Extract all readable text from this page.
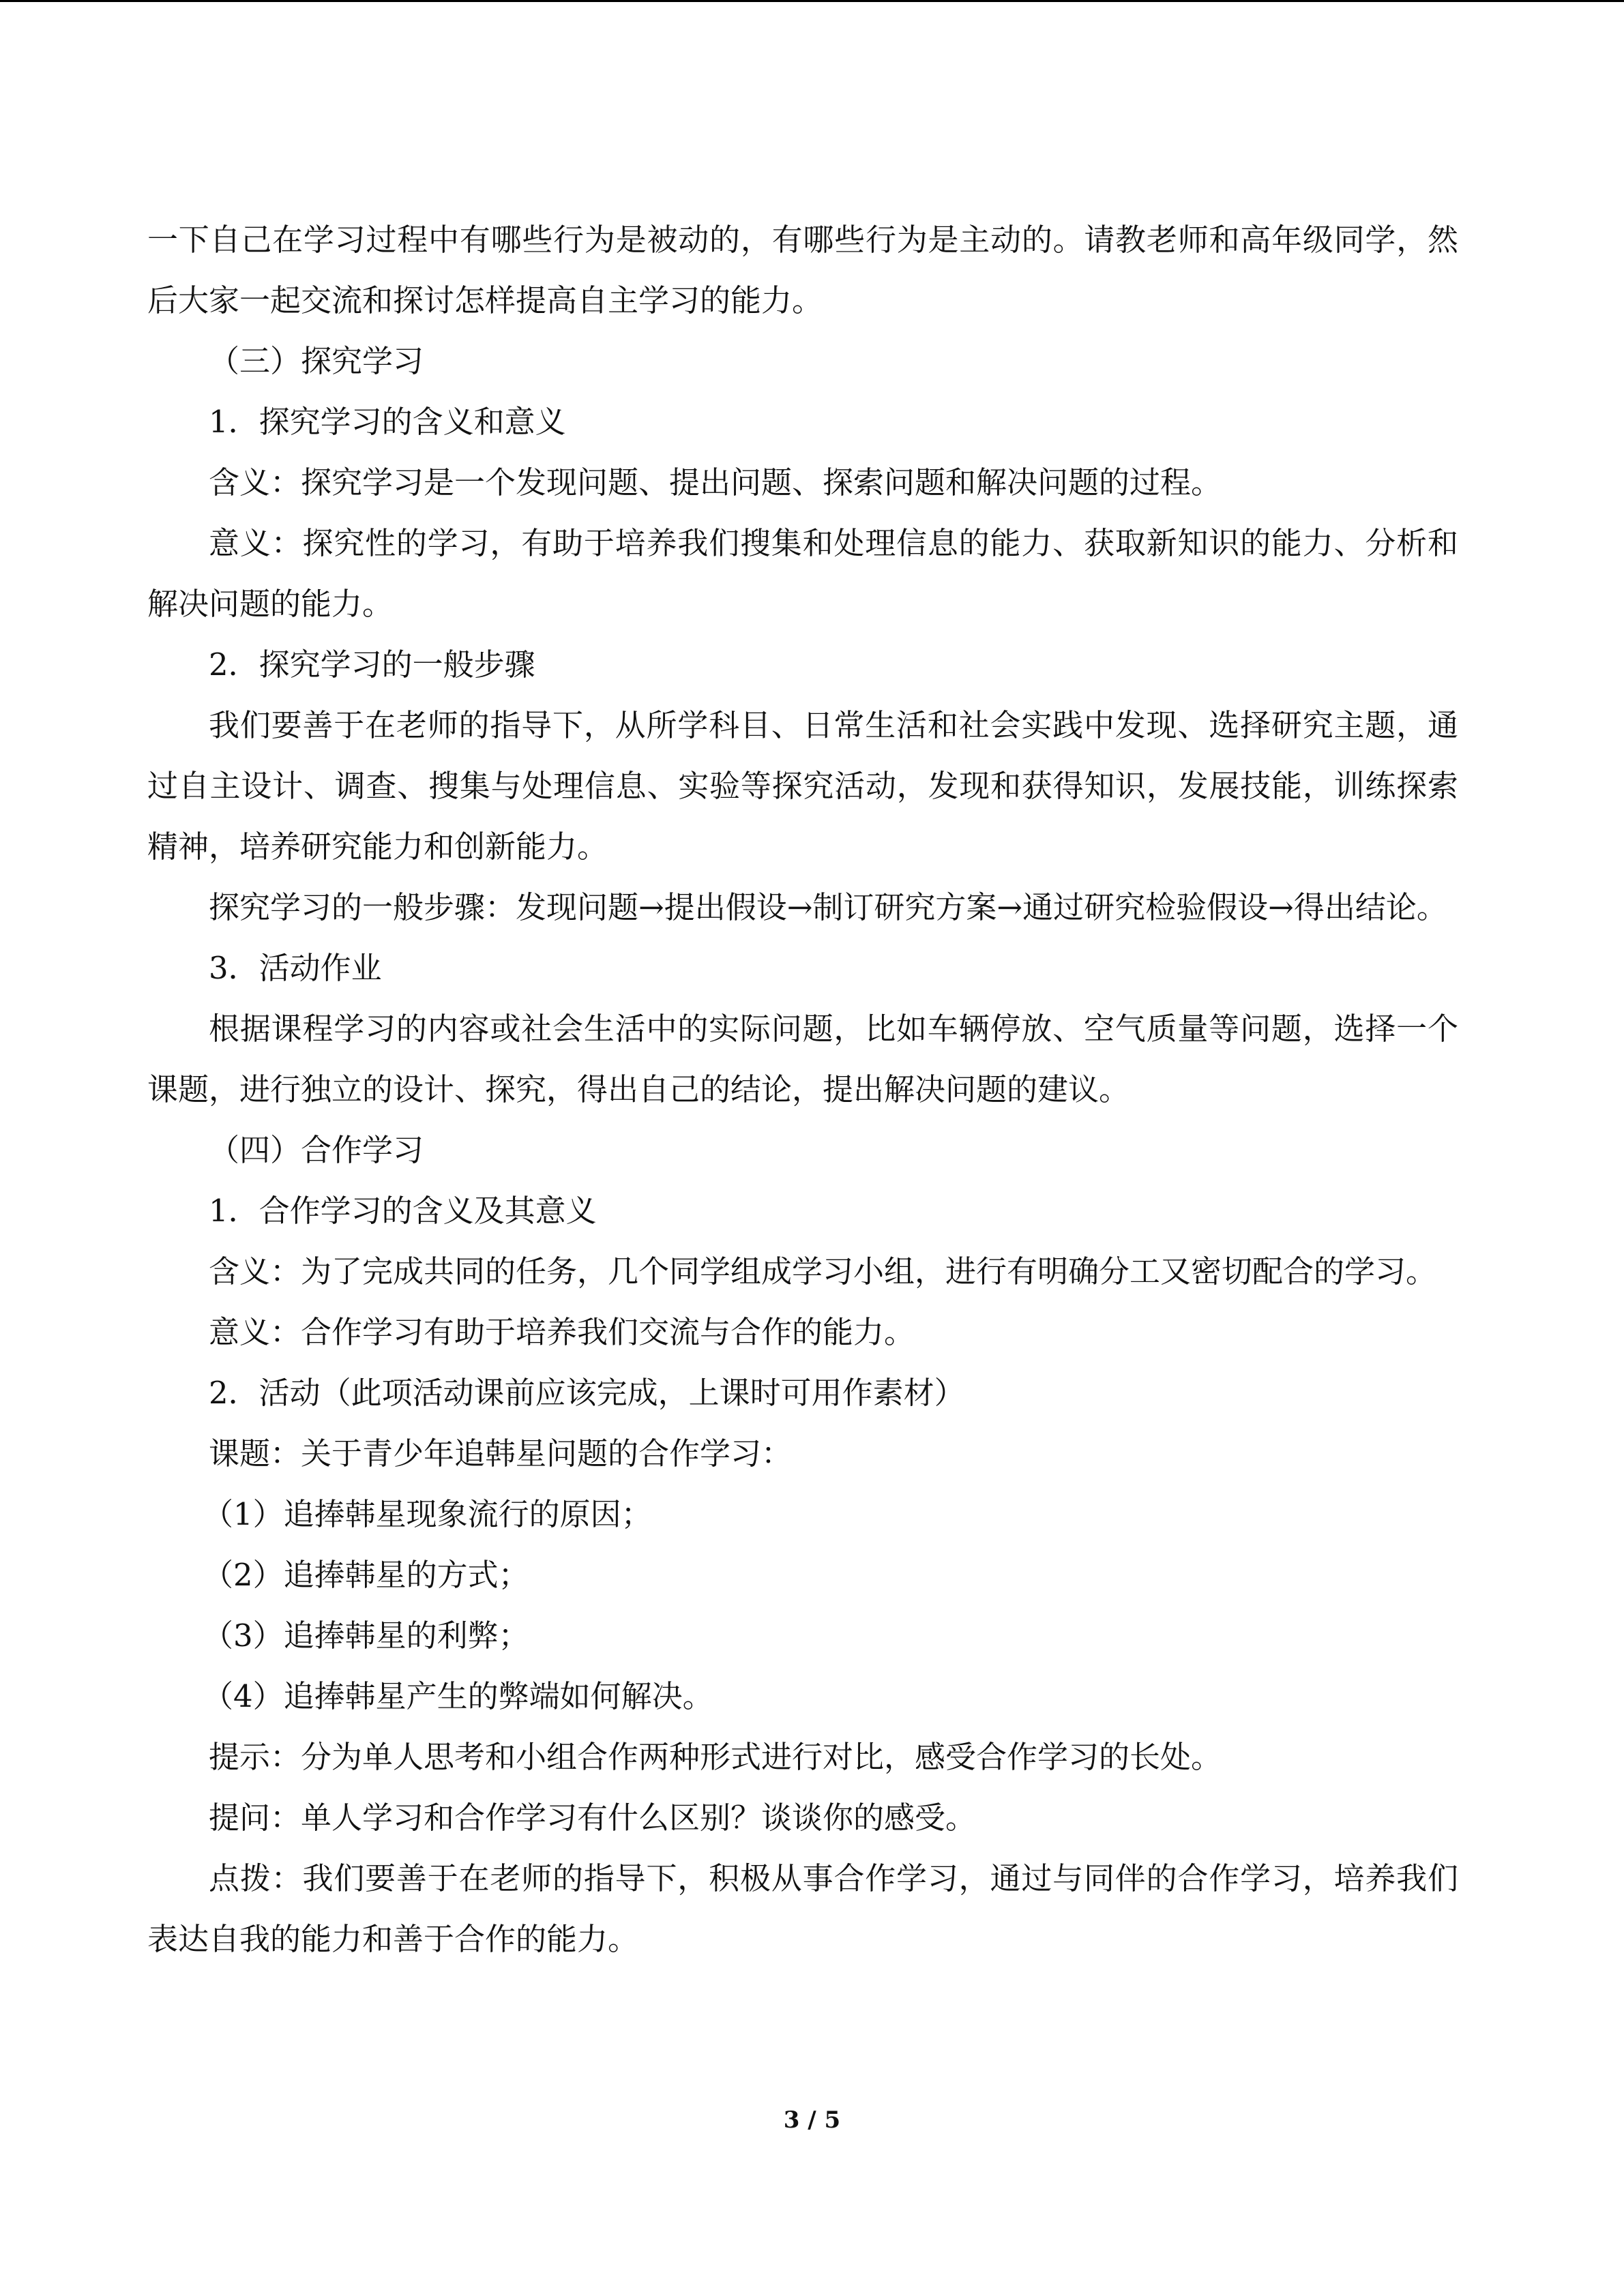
一下自己在学习过程中有哪些行为是被动的，有哪些行为是主动的。请教老师和高年级同学，然后大家一起交流和探讨怎样提高自主学习的能力。

（三）探究学习

1．探究学习的含义和意义

含义：探究学习是一个发现问题、提出问题、探索问题和解决问题的过程。

意义：探究性的学习，有助于培养我们搜集和处理信息的能力、获取新知识的能力、分析和解决问题的能力。

2．探究学习的一般步骤

我们要善于在老师的指导下，从所学科目、日常生活和社会实践中发现、选择研究主题，通过自主设计、调查、搜集与处理信息、实验等探究活动，发现和获得知识，发展技能，训练探索精神，培养研究能力和创新能力。

探究学习的一般步骤：发现问题→提出假设→制订研究方案→通过研究检验假设→得出结论。

3．活动作业

根据课程学习的内容或社会生活中的实际问题，比如车辆停放、空气质量等问题，选择一个课题，进行独立的设计、探究，得出自己的结论，提出解决问题的建议。

（四）合作学习

1．合作学习的含义及其意义

含义：为了完成共同的任务，几个同学组成学习小组，进行有明确分工又密切配合的学习。

意义：合作学习有助于培养我们交流与合作的能力。

2．活动（此项活动课前应该完成，上课时可用作素材）

课题：关于青少年追韩星问题的合作学习：

（1）追捧韩星现象流行的原因；

（2）追捧韩星的方式；

（3）追捧韩星的利弊；

（4）追捧韩星产生的弊端如何解决。

提示：分为单人思考和小组合作两种形式进行对比，感受合作学习的长处。

提问：单人学习和合作学习有什么区别？谈谈你的感受。

点拨：我们要善于在老师的指导下，积极从事合作学习，通过与同伴的合作学习，培养我们表达自我的能力和善于合作的能力。

3 / 5
